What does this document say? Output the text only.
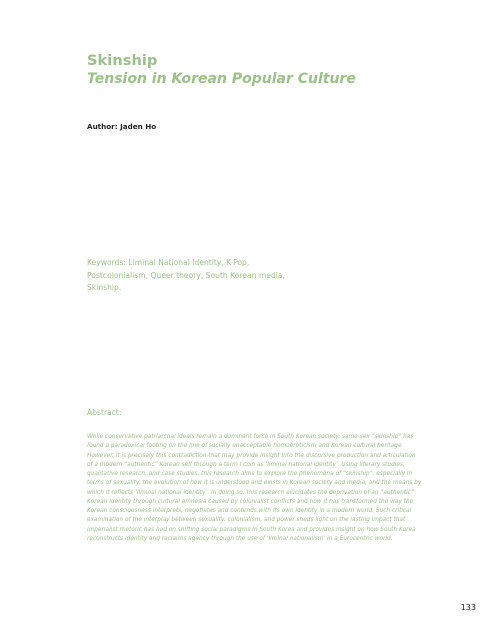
Skinship
Tension in Korean Popular Culture
Author: Jaden Ho
Keywords: Liminal National Identity, K-Pop, Postcolonialism, Queer theory, South Korean media, Skinship.
Abstract:
While conservative patriarchal ideals remain a dominant force in South Korean society, same-sex “skinship” has found a paradoxical footing on the line of socially unacceptable homoeroticism and Korean cultural heritage. However, it is precisely this contradiction that may provide insight into the discursive production and articulation of a modern “authentic” Korean self through a term I coin as ‘liminal national identity’. Using literary studies, qualitative research, and case studies, this research aims to explore the phenomena of “skinship”, especially in terms of sexuality, the evolution of how it is understood and exists in Korean society and media, and the means by which it reflects ‘liminal national identity’. In doing so, this research elucidates the deprivation of an “authentic” Korean identity through cultural amnesia caused by colonialist conflicts and how it has transformed the way the Korean consciousness interprets, negotiates and contends with its own identity in a modern world. Such critical examination of the interplay between sexuality, colonialism, and power sheds light on the lasting impact that imperialist rhetoric has had on shifting social paradigms in South Korea and provides insight on how South Korea reconstructs identity and reclaims agency through the use of ‘liminal nationalism’ in a Eurocentric world.
133
